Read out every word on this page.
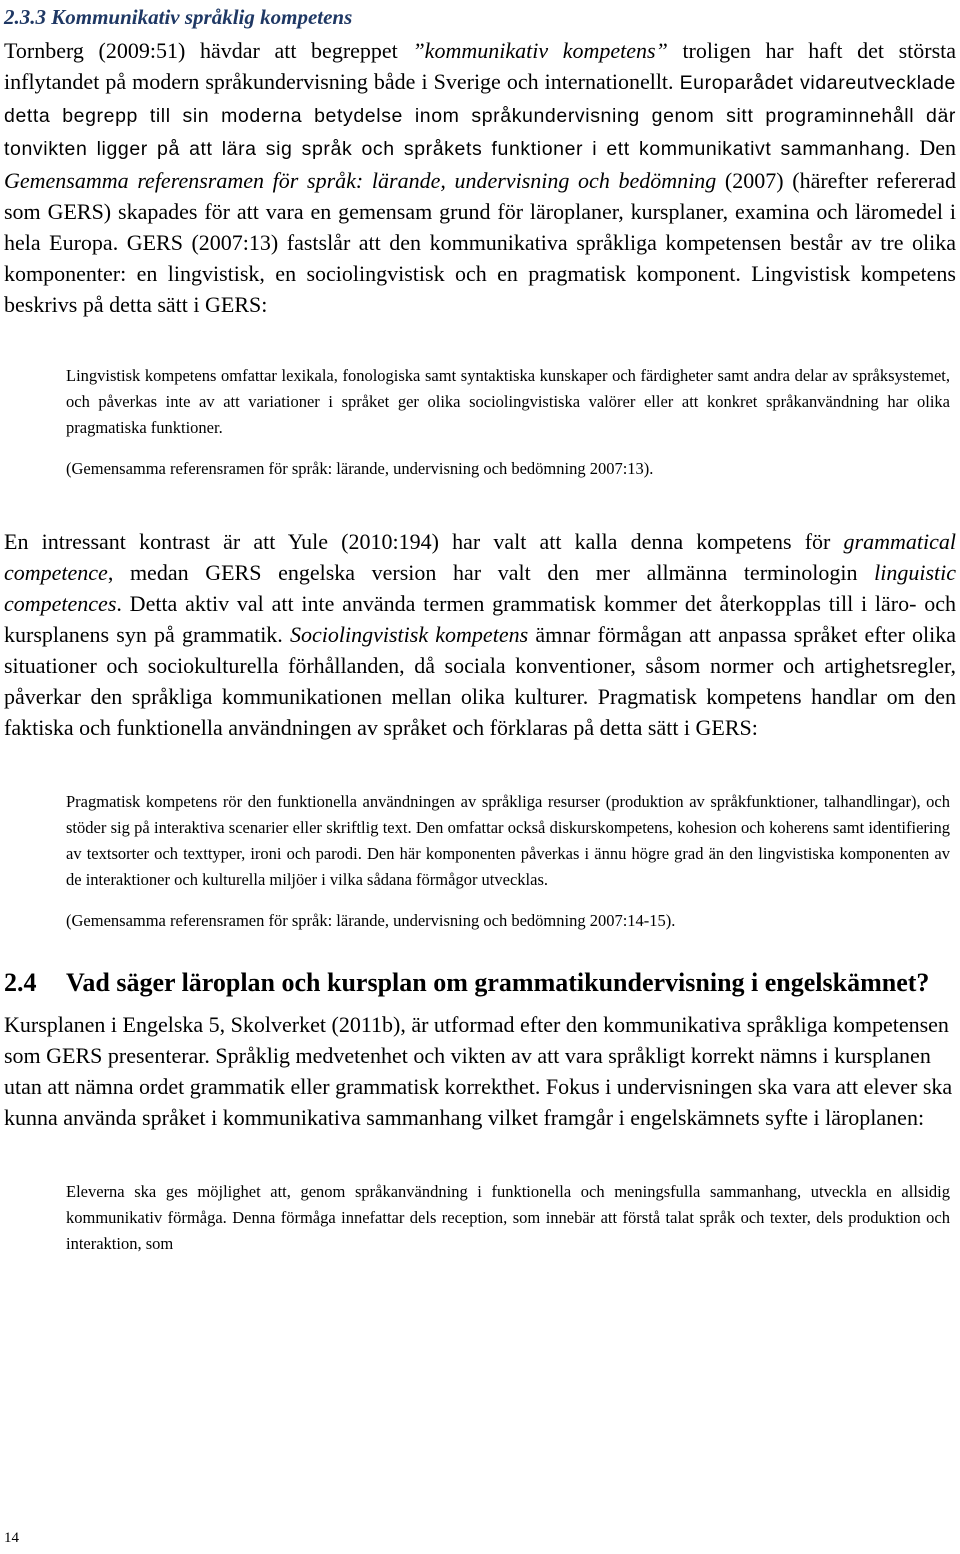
2.3.3 Kommunikativ språklig kompetens

Tornberg (2009:51) hävdar att begreppet ”kommunikativ kompetens” troligen har haft det största inflytandet på modern språkundervisning både i Sverige och internationellt. Europarådet vidareutvecklade detta begrepp till sin moderna betydelse inom språkundervisning genom sitt programinnehåll där tonvikten ligger på att lära sig språk och språkets funktioner i ett kommunikativt sammanhang. Den Gemensamma referensramen för språk: lärande, undervisning och bedömning (2007) (härefter refererad som GERS) skapades för att vara en gemensam grund för läroplaner, kursplaner, examina och läromedel i hela Europa. GERS (2007:13) fastslår att den kommunikativa språkliga kompetensen består av tre olika komponenter: en lingvistisk, en sociolingvistisk och en pragmatisk komponent. Lingvistisk kompetens beskrivs på detta sätt i GERS:

Lingvistisk kompetens omfattar lexikala, fonologiska samt syntaktiska kunskaper och färdigheter samt andra delar av språksystemet, och påverkas inte av att variationer i språket ger olika sociolingvistiska valörer eller att konkret språkanvändning har olika pragmatiska funktioner.

(Gemensamma referensramen för språk: lärande, undervisning och bedömning 2007:13).

En intressant kontrast är att Yule (2010:194) har valt att kalla denna kompetens för grammatical competence, medan GERS engelska version har valt den mer allmänna terminologin linguistic competences. Detta aktiv val att inte använda termen grammatisk kommer det återkopplas till i läro- och kursplanens syn på grammatik. Sociolingvistisk kompetens ämnar förmågan att anpassa språket efter olika situationer och sociokulturella förhållanden, då sociala konventioner, såsom normer och artighetsregler, påverkar den språkliga kommunikationen mellan olika kulturer. Pragmatisk kompetens handlar om den faktiska och funktionella användningen av språket och förklaras på detta sätt i GERS:

Pragmatisk kompetens rör den funktionella användningen av språkliga resurser (produktion av språkfunktioner, talhandlingar), och stöder sig på interaktiva scenarier eller skriftlig text. Den omfattar också diskurskompetens, kohesion och koherens samt identifiering av textsorter och texttyper, ironi och parodi. Den här komponenten påverkas i ännu högre grad än den lingvistiska komponenten av de interaktioner och kulturella miljöer i vilka sådana förmågor utvecklas.

(Gemensamma referensramen för språk: lärande, undervisning och bedömning 2007:14-15).

2.4	Vad säger läroplan och kursplan om grammatikundervisning i engelskämnet?

Kursplanen i Engelska 5, Skolverket (2011b), är utformad efter den kommunikativa språkliga kompetensen som GERS presenterar. Språklig medvetenhet och vikten av att vara språkligt korrekt nämns i kursplanen utan att nämna ordet grammatik eller grammatisk korrekthet. Fokus i undervisningen ska vara att elever ska kunna använda språket i kommunikativa sammanhang vilket framgår i engelskämnets syfte i läroplanen:

Eleverna ska ges möjlighet att, genom språkanvändning i funktionella och meningsfulla sammanhang, utveckla en allsidig kommunikativ förmåga. Denna förmåga innefattar dels reception, som innebär att förstå talat språk och texter, dels produktion och interaktion, som

14
